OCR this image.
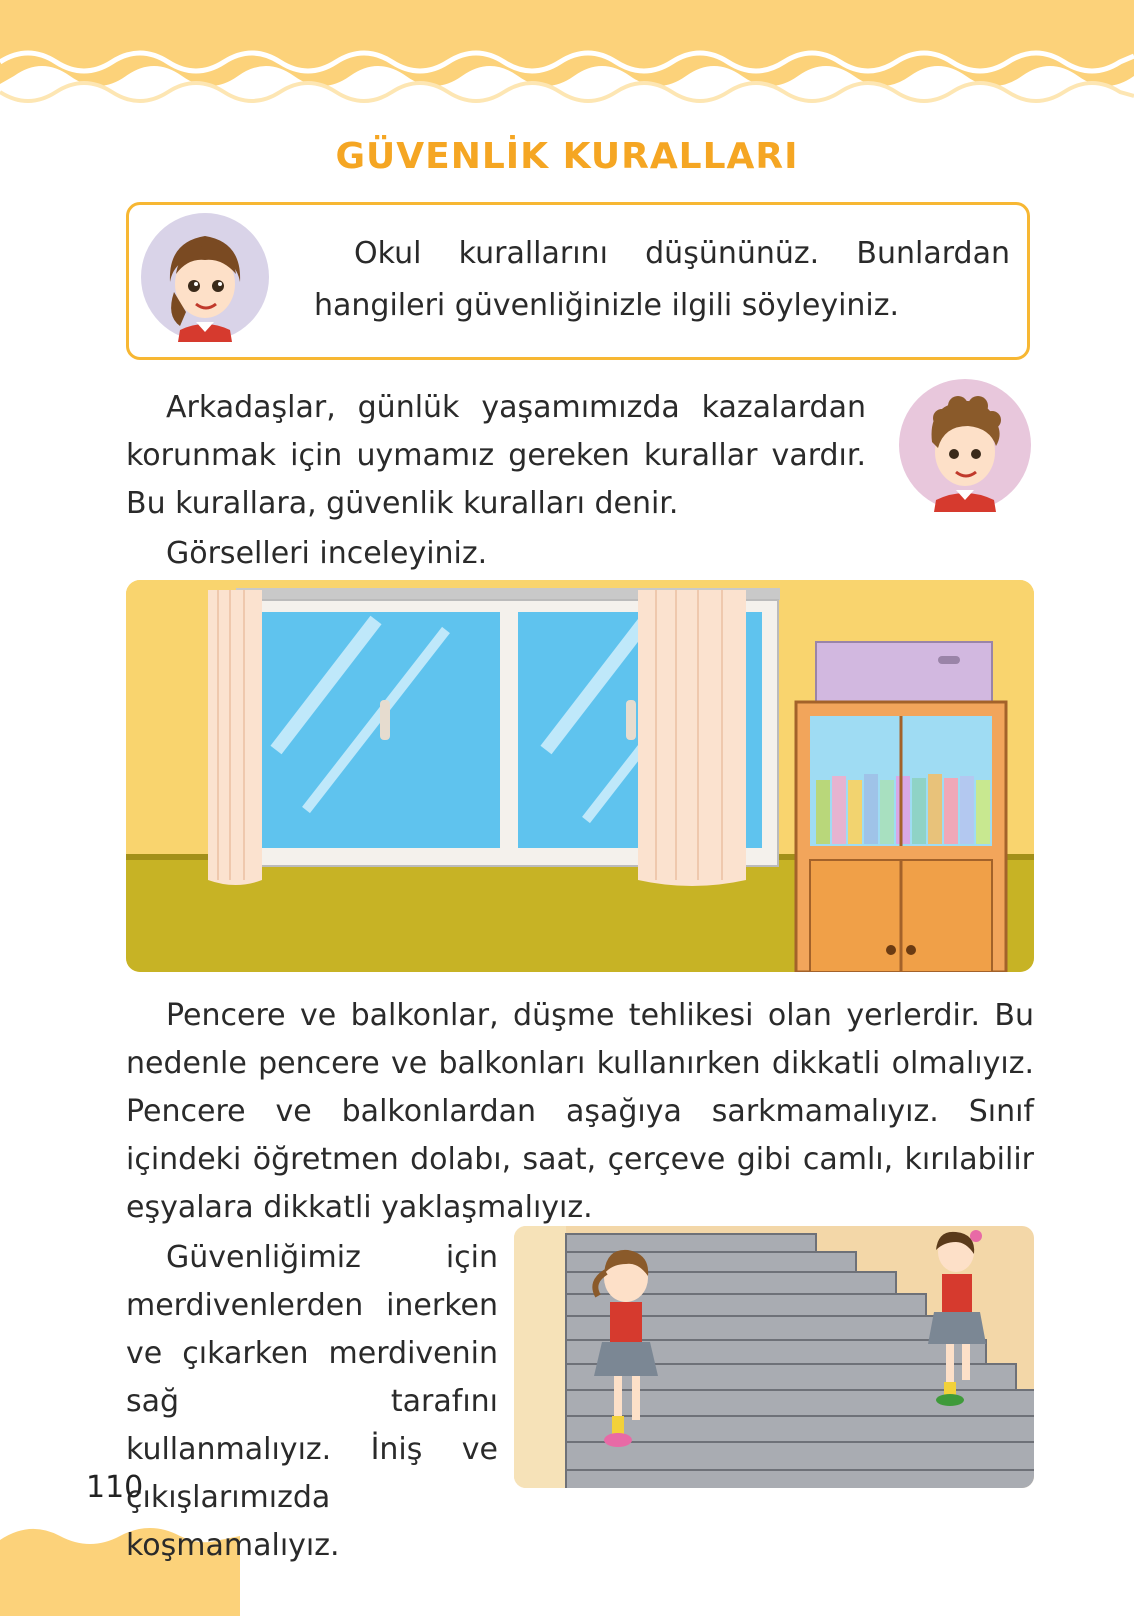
GÜVENLİK KURALLARI
Okul kurallarını düşününüz. Bunlardan hangileri güvenliğinizle ilgili söyleyiniz.
Arkadaşlar, günlük yaşamımızda kazalardan korunmak için uymamız gereken kurallar vardır. Bu kurallara, güvenlik kuralları denir.
Görselleri inceleyiniz.
Pencere ve balkonlar, düşme tehlikesi olan yerlerdir. Bu nedenle pencere ve balkonları kullanırken dikkatli olmalıyız. Pencere ve balkonlardan aşağıya sarkmamalıyız. Sınıf içindeki öğretmen dolabı, saat, çerçeve gibi camlı, kırılabilir eşyalara dikkatli yaklaşmalıyız.
Güvenliğimiz için merdivenlerden inerken ve çıkarken merdivenin sağ tarafını kullanmalıyız. İniş ve çıkışlarımızda koşmamalıyız.
110
